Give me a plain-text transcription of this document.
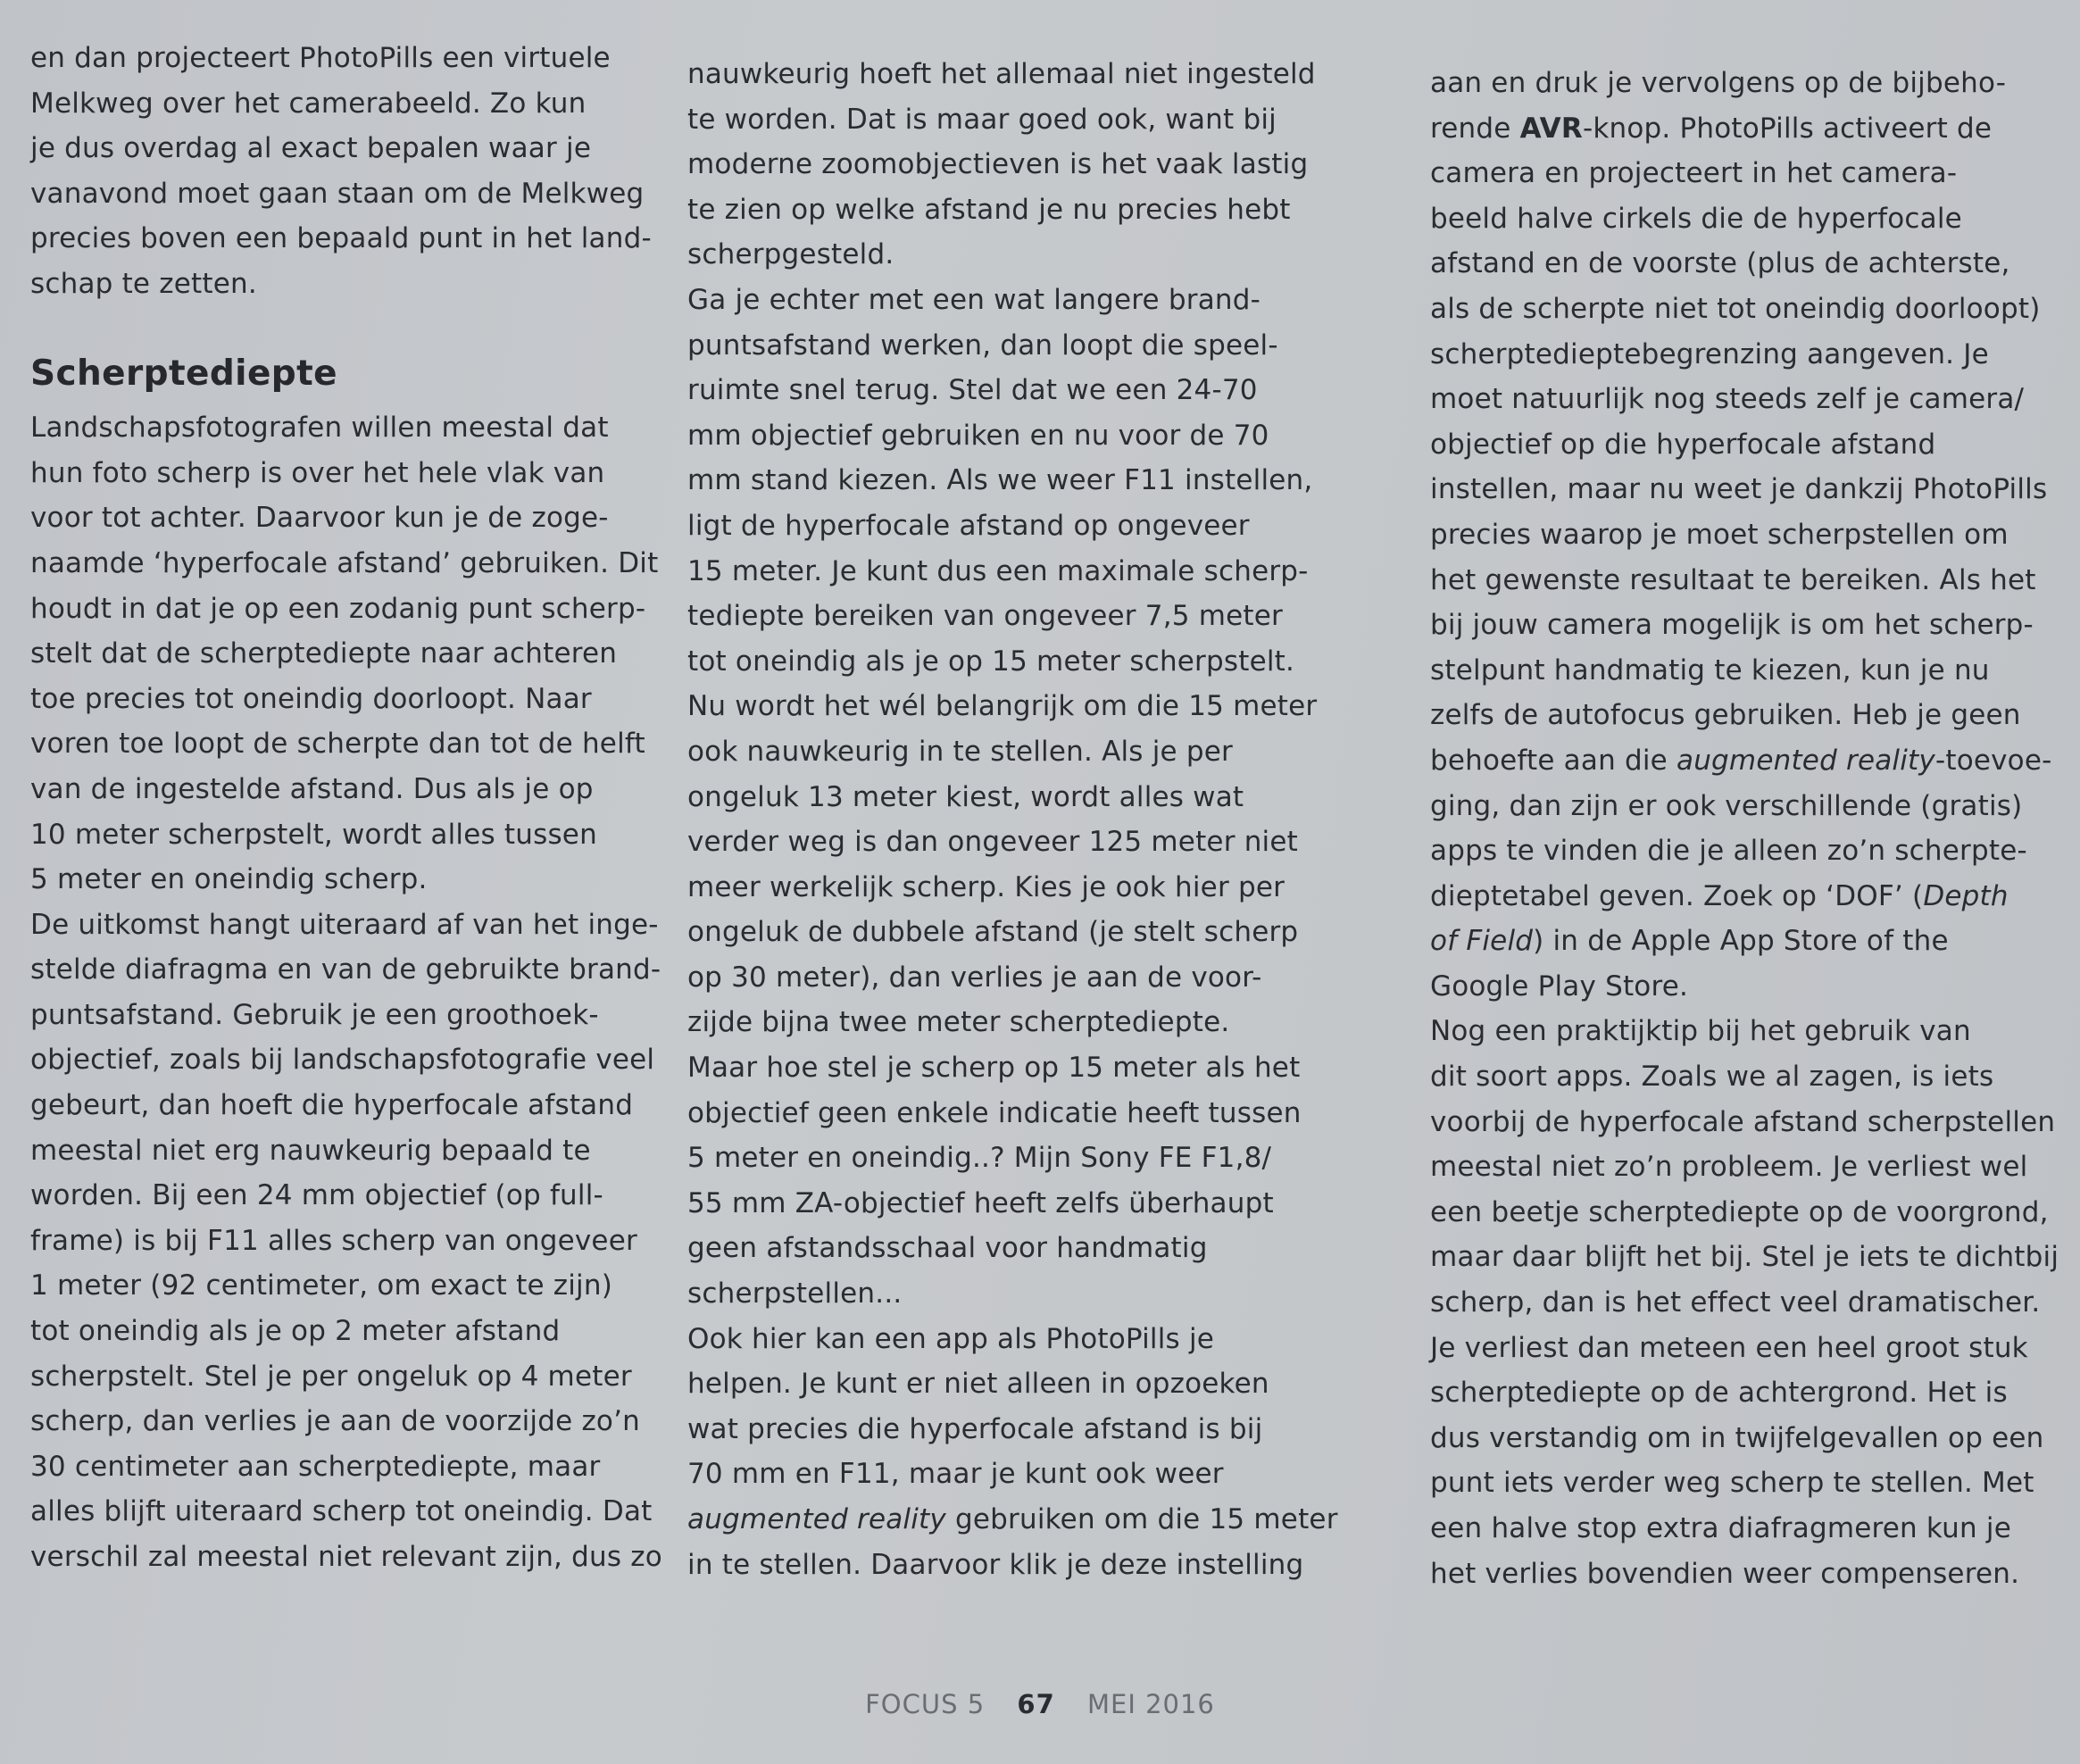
en dan projecteert PhotoPills een virtuele
Melkweg over het camerabeeld. Zo kun
je dus overdag al exact bepalen waar je
vanavond moet gaan staan om de Melkweg
precies boven een bepaald punt in het land-
schap te zetten.
Scherptediepte
Landschapsfotografen willen meestal dat
hun foto scherp is over het hele vlak van
voor tot achter. Daarvoor kun je de zoge-
naamde ‘hyperfocale afstand’ gebruiken. Dit
houdt in dat je op een zodanig punt scherp-
stelt dat de scherptediepte naar achteren
toe precies tot oneindig doorloopt. Naar
voren toe loopt de scherpte dan tot de helft
van de ingestelde afstand. Dus als je op
10 meter scherpstelt, wordt alles tussen
5 meter en oneindig scherp.
De uitkomst hangt uiteraard af van het inge-
stelde diafragma en van de gebruikte brand-
puntsafstand. Gebruik je een groothoek-
objectief, zoals bij landschapsfotografie veel
gebeurt, dan hoeft die hyperfocale afstand
meestal niet erg nauwkeurig bepaald te
worden. Bij een 24 mm objectief (op full-
frame) is bij F11 alles scherp van ongeveer
1 meter (92 centimeter, om exact te zijn)
tot oneindig als je op 2 meter afstand
scherpstelt. Stel je per ongeluk op 4 meter
scherp, dan verlies je aan de voorzijde zo’n
30 centimeter aan scherptediepte, maar
alles blijft uiteraard scherp tot oneindig. Dat
verschil zal meestal niet relevant zijn, dus zo
nauwkeurig hoeft het allemaal niet ingesteld
te worden. Dat is maar goed ook, want bij
moderne zoomobjectieven is het vaak lastig
te zien op welke afstand je nu precies hebt
scherpgesteld.
Ga je echter met een wat langere brand-
puntsafstand werken, dan loopt die speel-
ruimte snel terug. Stel dat we een 24-70
mm objectief gebruiken en nu voor de 70
mm stand kiezen. Als we weer F11 instellen,
ligt de hyperfocale afstand op ongeveer
15 meter. Je kunt dus een maximale scherp-
tediepte bereiken van ongeveer 7,5 meter
tot oneindig als je op 15 meter scherpstelt.
Nu wordt het wél belangrijk om die 15 meter
ook nauwkeurig in te stellen. Als je per
ongeluk 13 meter kiest, wordt alles wat
verder weg is dan ongeveer 125 meter niet
meer werkelijk scherp. Kies je ook hier per
ongeluk de dubbele afstand (je stelt scherp
op 30 meter), dan verlies je aan de voor-
zijde bijna twee meter scherptediepte.
Maar hoe stel je scherp op 15 meter als het
objectief geen enkele indicatie heeft tussen
5 meter en oneindig..? Mijn Sony FE F1,8/
55 mm ZA-objectief heeft zelfs überhaupt
geen afstandsschaal voor handmatig
scherpstellen...
Ook hier kan een app als PhotoPills je
helpen. Je kunt er niet alleen in opzoeken
wat precies die hyperfocale afstand is bij
70 mm en F11, maar je kunt ook weer
augmented reality gebruiken om die 15 meter
in te stellen. Daarvoor klik je deze instelling
aan en druk je vervolgens op de bijbeho-
rende AVR-knop. PhotoPills activeert de
camera en projecteert in het camera-
beeld halve cirkels die de hyperfocale
afstand en de voorste (plus de achterste,
als de scherpte niet tot oneindig doorloopt)
scherptedieptebegrenzing aangeven. Je
moet natuurlijk nog steeds zelf je camera/
objectief op die hyperfocale afstand
instellen, maar nu weet je dankzij PhotoPills
precies waarop je moet scherpstellen om
het gewenste resultaat te bereiken. Als het
bij jouw camera mogelijk is om het scherp-
stelpunt handmatig te kiezen, kun je nu
zelfs de autofocus gebruiken. Heb je geen
behoefte aan die augmented reality-toevoe-
ging, dan zijn er ook verschillende (gratis)
apps te vinden die je alleen zo’n scherpte-
dieptetabel geven. Zoek op ‘DOF’ (Depth
of Field) in de Apple App Store of the
Google Play Store.
Nog een praktijktip bij het gebruik van
dit soort apps. Zoals we al zagen, is iets
voorbij de hyperfocale afstand scherpstellen
meestal niet zo’n probleem. Je verliest wel
een beetje scherptediepte op de voorgrond,
maar daar blijft het bij. Stel je iets te dichtbij
scherp, dan is het effect veel dramatischer.
Je verliest dan meteen een heel groot stuk
scherptediepte op de achtergrond. Het is
dus verstandig om in twijfelgevallen op een
punt iets verder weg scherp te stellen. Met
een halve stop extra diafragmeren kun je
het verlies bovendien weer compenseren.
FOCUS 5 67 MEI 2016
